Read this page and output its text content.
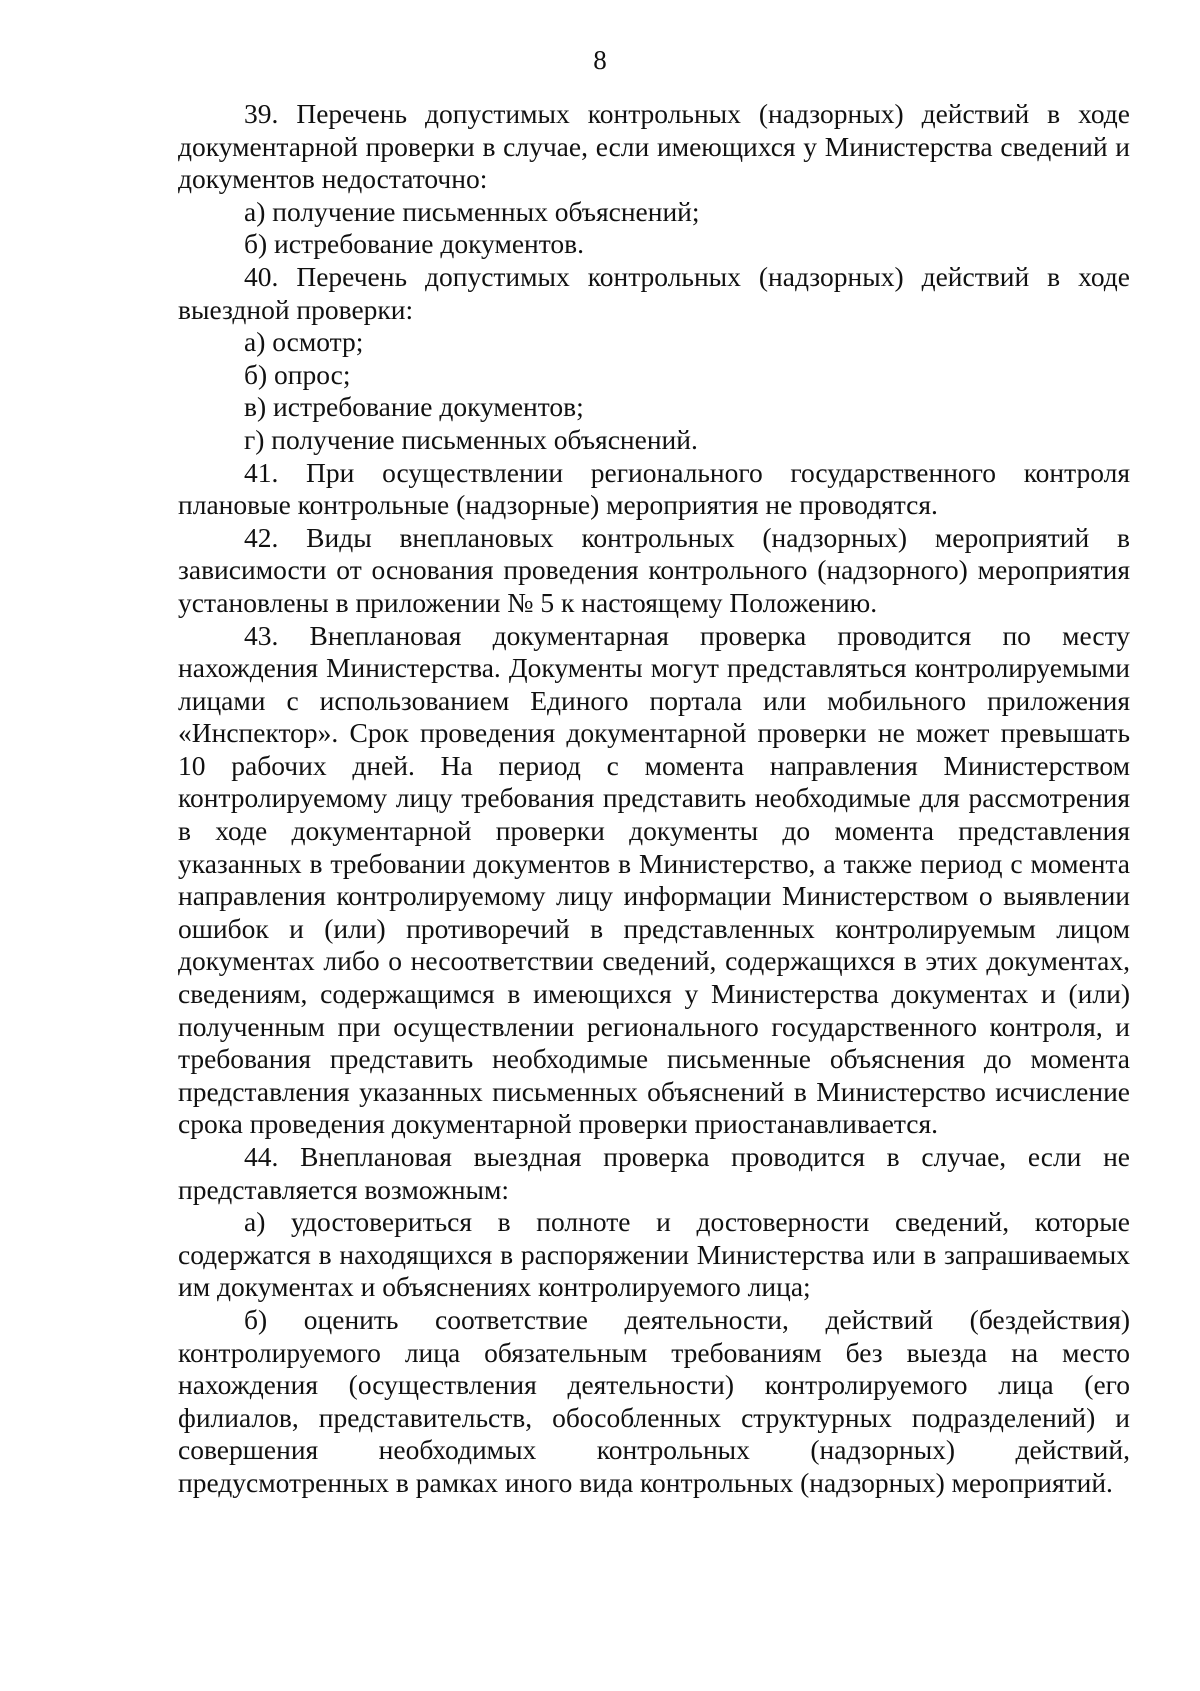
8

39. Перечень допустимых контрольных (надзорных) действий в ходе документарной проверки в случае, если имеющихся у Министерства сведений и документов недостаточно:

а) получение письменных объяснений;

б) истребование документов.

40. Перечень допустимых контрольных (надзорных) действий в ходе выездной проверки:

а) осмотр;

б) опрос;

в) истребование документов;

г) получение письменных объяснений.

41. При осуществлении регионального государственного контроля плановые контрольные (надзорные) мероприятия не проводятся.

42. Виды внеплановых контрольных (надзорных) мероприятий в зависимости от основания проведения контрольного (надзорного) мероприятия установлены в приложении № 5 к настоящему Положению.

43. Внеплановая документарная проверка проводится по месту нахождения Министерства. Документы могут представляться контролируемыми лицами с использованием Единого портала или мобильного приложения «Инспектор». Срок проведения документарной проверки не может превышать 10 рабочих дней. На период с момента направления Министерством контролируемому лицу требования представить необходимые для рассмотрения в ходе документарной проверки документы до момента представления указанных в требовании документов в Министерство, а также период с момента направления контролируемому лицу информации Министерством о выявлении ошибок и (или) противоречий в представленных контролируемым лицом документах либо о несоответствии сведений, содержащихся в этих документах, сведениям, содержащимся в имеющихся у Министерства документах и (или) полученным при осуществлении регионального государственного контроля, и требования представить необходимые письменные объяснения до момента представления указанных письменных объяснений в Министерство исчисление срока проведения документарной проверки приостанавливается.

44. Внеплановая выездная проверка проводится в случае, если не представляется возможным:

а) удостовериться в полноте и достоверности сведений, которые содержатся в находящихся в распоряжении Министерства или в запрашиваемых им документах и объяснениях контролируемого лица;

б) оценить соответствие деятельности, действий (бездействия) контролируемого лица обязательным требованиям без выезда на место нахождения (осуществления деятельности) контролируемого лица (его филиалов, представительств, обособленных структурных подразделений) и совершения необходимых контрольных (надзорных) действий, предусмотренных в рамках иного вида контрольных (надзорных) мероприятий.
